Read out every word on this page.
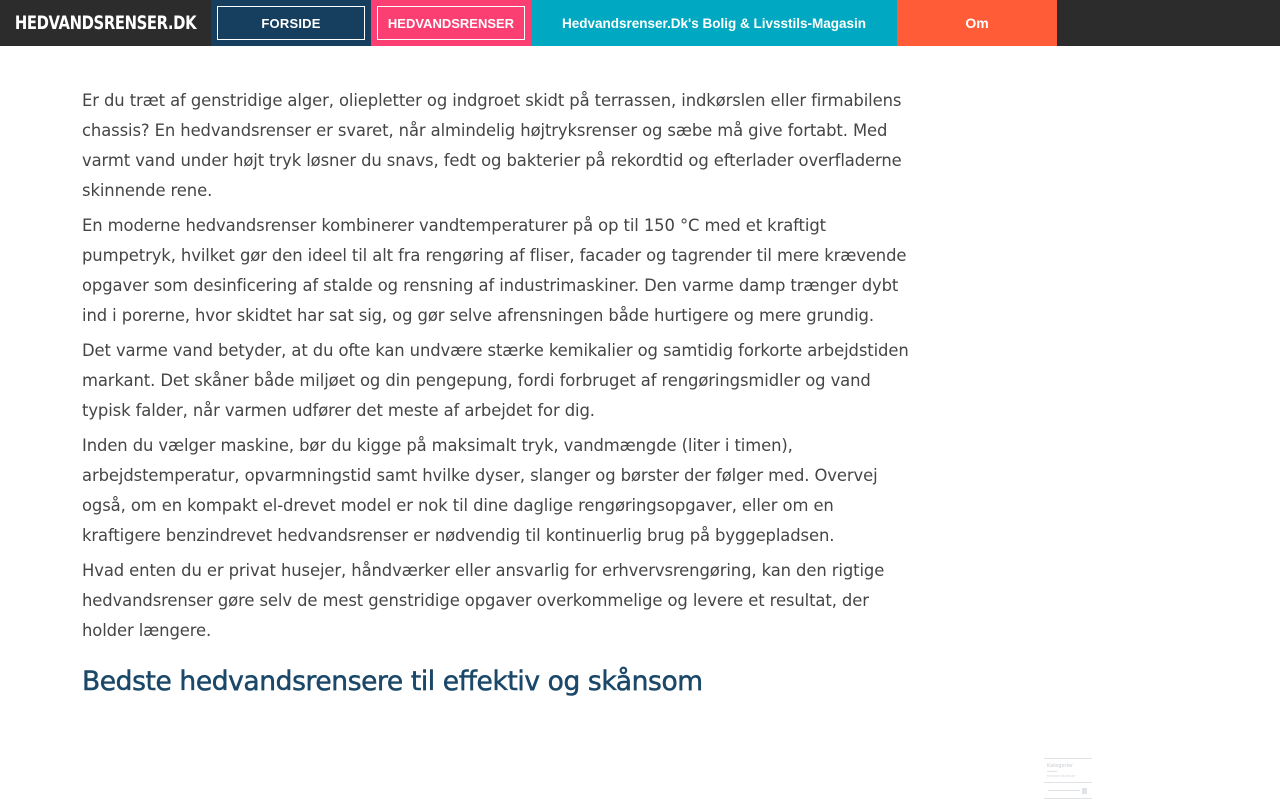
HEDVANDSRENSER.DK	FORSIDE	HEDVANDSRENSER	Hedvandsrenser.Dk's Bolig & Livsstils-Magasin	Om

Er du træt af genstridige alger, oliepletter og indgroet skidt på terrassen, indkørslen eller firmabilens chassis? En hedvandsrenser er svaret, når almindelig højtryksrenser og sæbe må give fortabt. Med varmt vand under højt tryk løsner du snavs, fedt og bakterier på rekordtid og efterlader overfladerne skinnende rene.

En moderne hedvandsrenser kombinerer vandtemperaturer på op til 150 °C med et kraftigt pumpetryk, hvilket gør den ideel til alt fra rengøring af fliser, facader og tagrender til mere krævende opgaver som desinficering af stalde og rensning af industrimaskiner. Den varme damp trænger dybt ind i porerne, hvor skidtet har sat sig, og gør selve afrensningen både hurtigere og mere grundig.

Det varme vand betyder, at du ofte kan undvære stærke kemikalier og samtidig forkorte arbejdstiden markant. Det skåner både miljøet og din pengepung, fordi forbruget af rengøringsmidler og vand typisk falder, når varmen udfører det meste af arbejdet for dig.

Inden du vælger maskine, bør du kigge på maksimalt tryk, vandmængde (liter i timen), arbejdstemperatur, opvarmningstid samt hvilke dyser, slanger og børster der følger med. Overvej også, om en kompakt el-drevet model er nok til dine daglige rengøringsopgaver, eller om en kraftigere benzindrevet hedvandsrenser er nødvendig til kontinuerlig brug på byggepladsen.

Hvad enten du er privat husejer, håndværker eller ansvarlig for erhvervsrengøring, kan den rigtige hedvandsrenser gøre selv de mest genstridige opgaver overkommelige og levere et resultat, der holder længere.

Bedste hedvandsrensere til effektiv og skånsom
Kategorier
Hedvandsrenser
